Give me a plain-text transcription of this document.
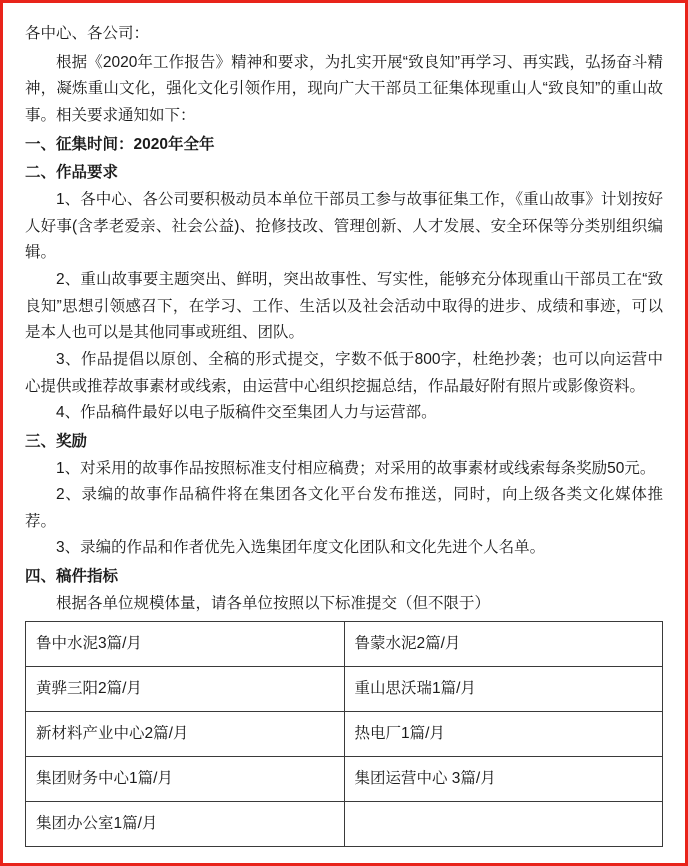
各中心、各公司：

根据《2020年工作报告》精神和要求，为扎实开展“致良知”再学习、再实践，弘扬奋斗精神，凝炼重山文化，强化文化引领作用，现向广大干部员工征集体现重山人“致良知”的重山故事。相关要求通知如下：

一、征集时间：2020年全年
二、作品要求

1、各中心、各公司要积极动员本单位干部员工参与故事征集工作，《重山故事》计划按好人好事(含孝老爱亲、社会公益)、抢修技改、管理创新、人才发展、安全环保等分类别组织编辑。

2、重山故事要主题突出、鲜明，突出故事性、写实性，能够充分体现重山干部员工在“致良知”思想引领感召下，在学习、工作、生活以及社会活动中取得的进步、成绩和事迹，可以是本人也可以是其他同事或班组、团队。

3、作品提倡以原创、全稿的形式提交，字数不低于800字，杜绝抄袭；也可以向运营中心提供或推荐故事素材或线索，由运营中心组织挖掘总结，作品最好附有照片或影像资料。

4、作品稿件最好以电子版稿件交至集团人力与运营部。

三、奖励

1、对采用的故事作品按照标准支付相应稿费；对采用的故事素材或线索每条奖励50元。

2、录编的故事作品稿件将在集团各文化平台发布推送，同时，向上级各类文化媒体推荐。

3、录编的作品和作者优先入选集团年度文化团队和文化先进个人名单。

四、稿件指标

根据各单位规模体量，请各单位按照以下标准提交（但不限于）

鲁中水泥3篇/月	鲁蒙水泥2篇/月
黄骅三阳2篇/月	重山思沃瑞1篇/月
新材料产业中心2篇/月	热电厂1篇/月
集团财务中心1篇/月	集团运营中心 3篇/月
集团办公室1篇/月	
